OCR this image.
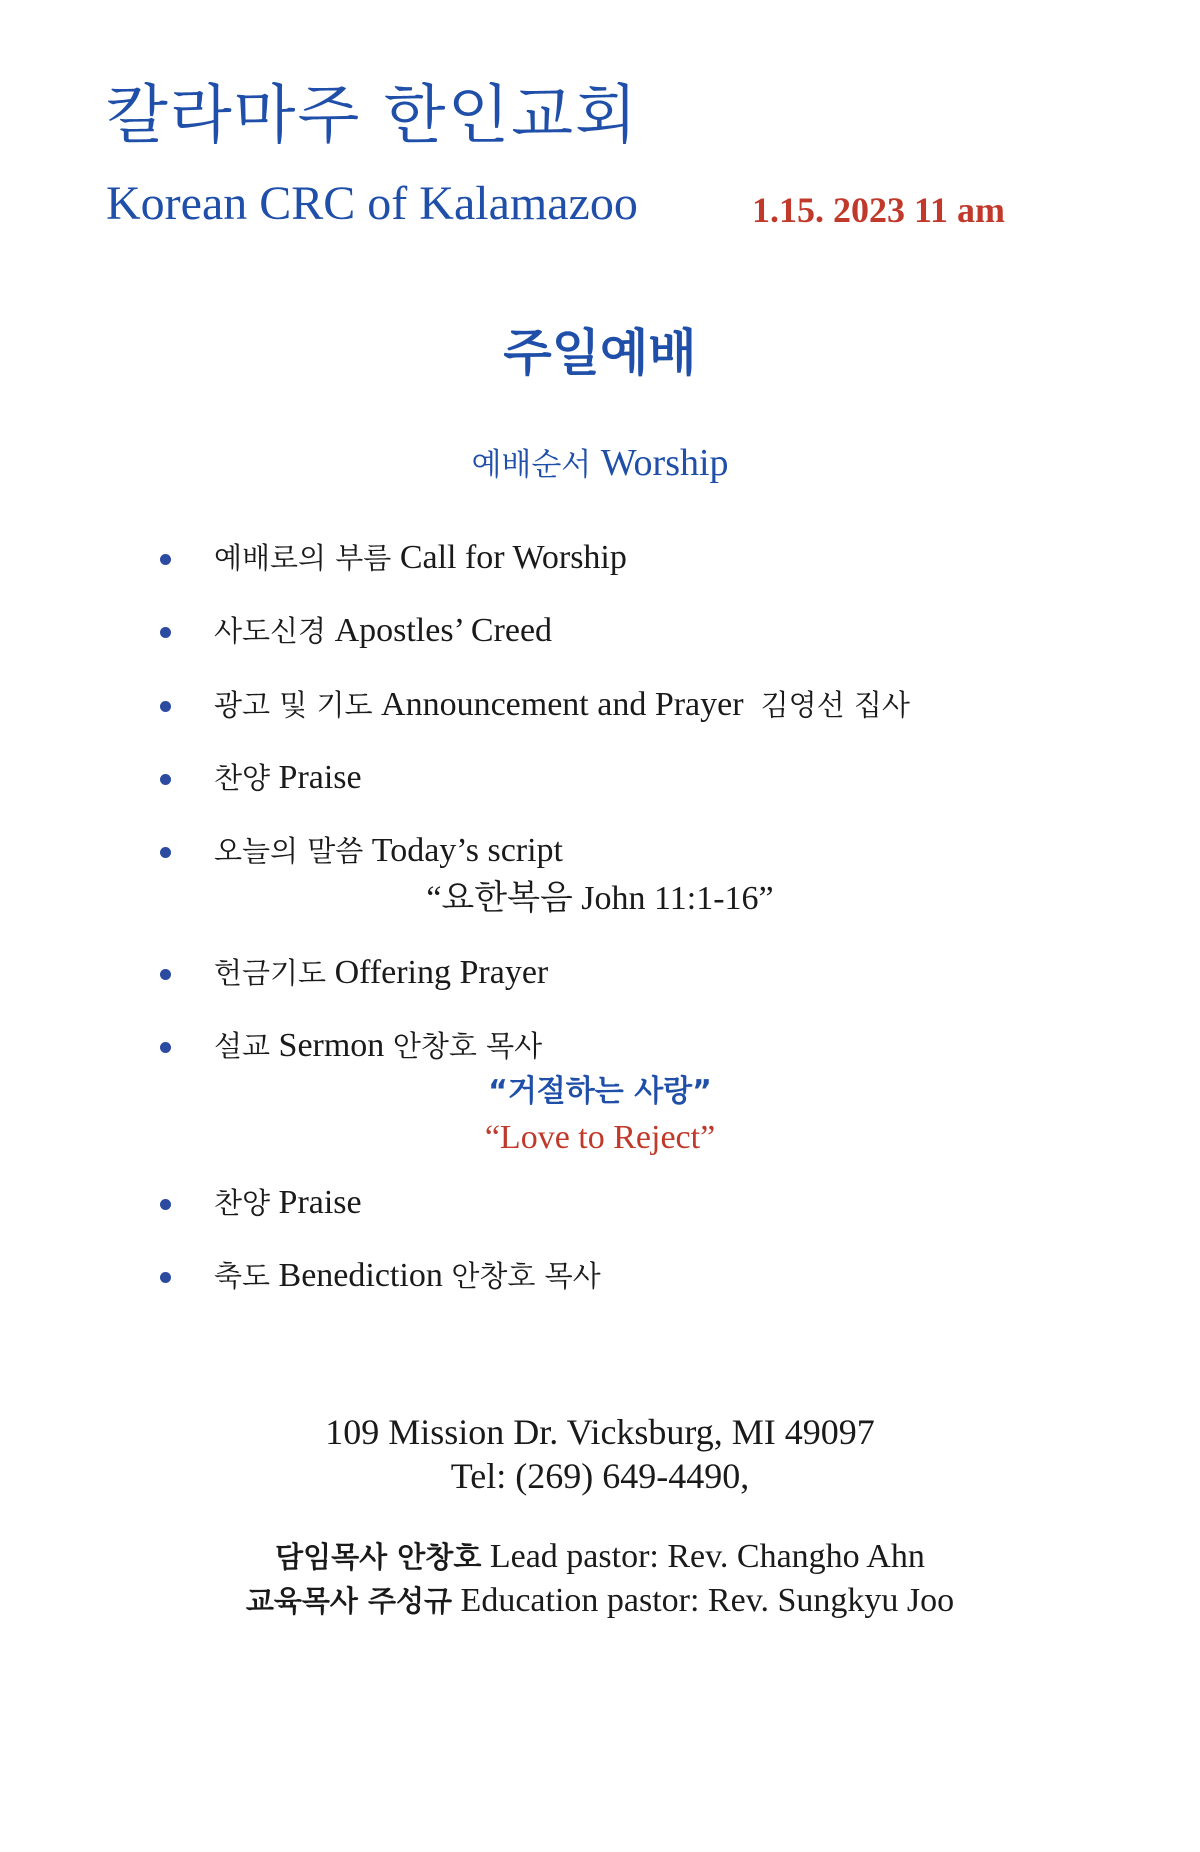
칼라마주 한인교회
Korean CRC of Kalamazoo	1.15. 2023 11 am
주일예배
예배순서 Worship
예배로의 부름 Call for Worship
사도신경 Apostles’ Creed
광고 및 기도 Announcement and Prayer 김영선 집사
찬양 Praise
오늘의 말씀 Today’s script
헌금기도 Offering Prayer
설교 Sermon 안창호 목사
찬양 Praise
축도 Benediction 안창호 목사
“요한복음 John 11:1-16”
“거절하는 사랑”
“Love to Reject”
109 Mission Dr. Vicksburg, MI 49097
Tel: (269) 649-4490,
담임목사 안창호 Lead pastor: Rev. Changho Ahn
교육목사 주성규 Education pastor: Rev. Sungkyu Joo
